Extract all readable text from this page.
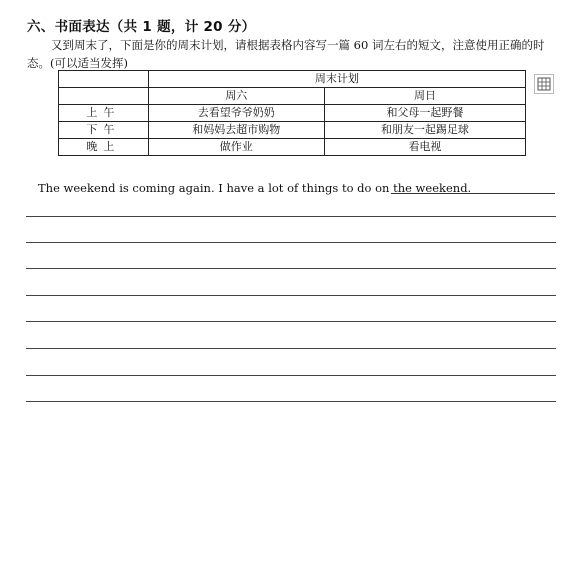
六、书面表达（共 1 题，计 20 分）
又到周末了，下面是你的周末计划，请根据表格内容写一篇 60 词左右的短文，注意使用正确的时态。(可以适当发挥)
	周末计划	
	周六	周日
上午	去看望爷爷奶奶	和父母一起野餐
下午	和妈妈去超市购物	和朋友一起踢足球
晚上	做作业	看电视
The weekend is coming again. I have a lot of things to do on the weekend.
